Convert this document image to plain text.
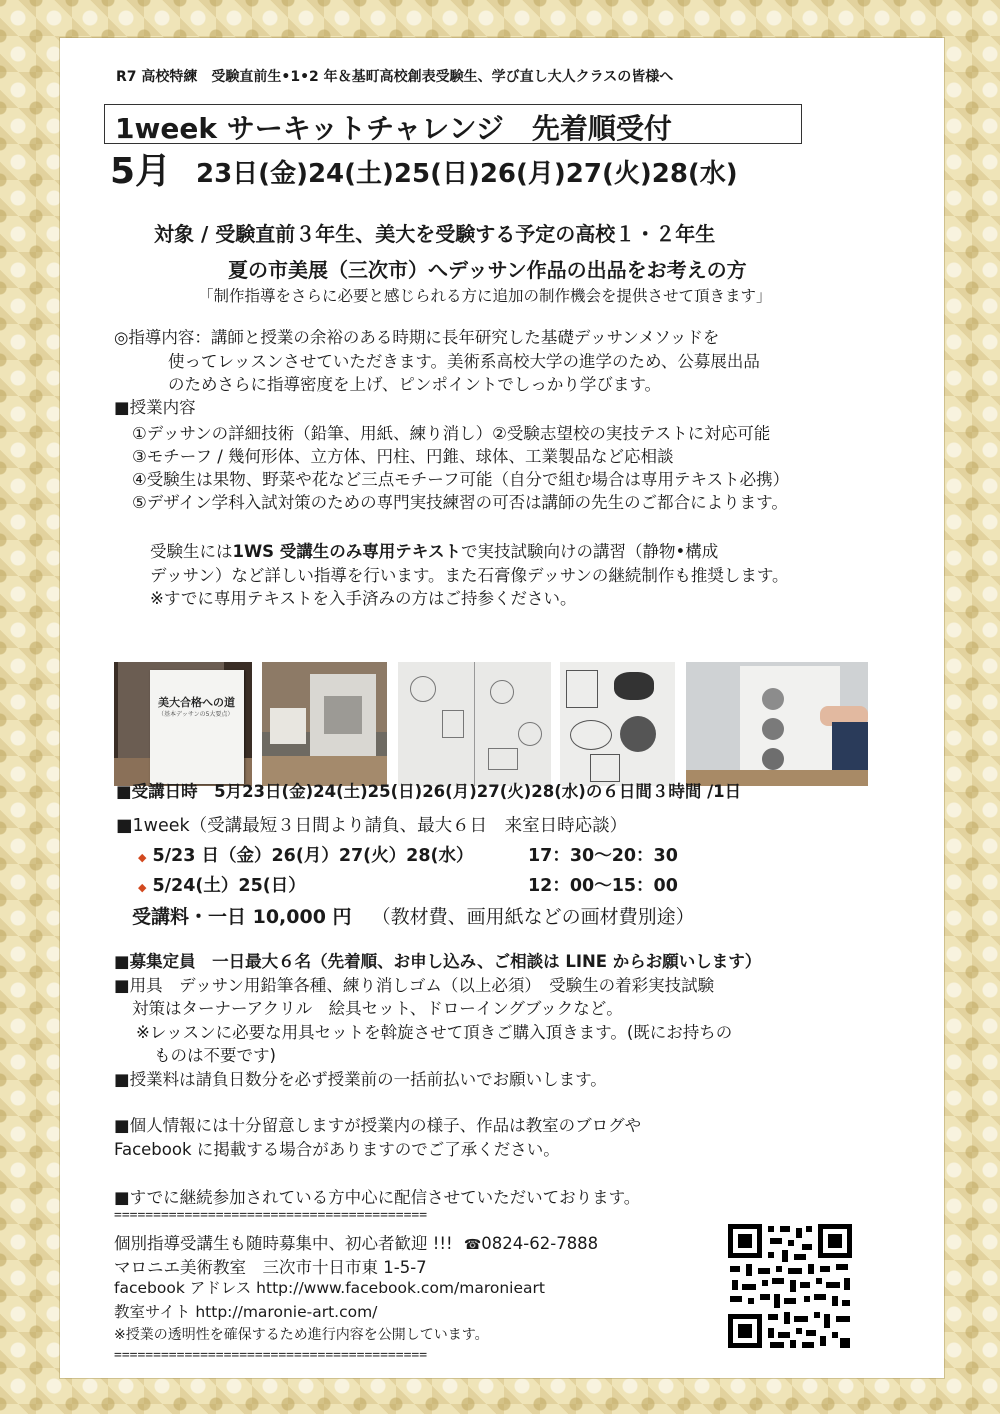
R7 高校特練　受験直前生•1•2 年＆基町高校創表受験生、学び直し大人クラスの皆様へ
1week サーキットチャレンジ　先着順受付
5月 23日(金)24(土)25(日)26(月)27(火)28(水)
対象 / 受験直前３年生、美大を受験する予定の高校１・２年生
夏の市美展（三次市）へデッサン作品の出品をお考えの方
「制作指導をさらに必要と感じられる方に追加の制作機会を提供させて頂きます」
◎指導内容：講師と授業の余裕のある時期に長年研究した基礎デッサンメソッドを
使ってレッスンさせていただきます。美術系高校大学の進学のため、公募展出品
のためさらに指導密度を上げ、ピンポイントでしっかり学びます。
■授業内容
①デッサンの詳細技術（鉛筆、用紙、練り消し）②受験志望校の実技テストに対応可能
③モチーフ / 幾何形体、立方体、円柱、円錐、球体、工業製品など応相談
④受験生は果物、野菜や花など三点モチーフ可能（自分で組む場合は専用テキスト必携）
⑤デザイン学科入試対策のための専門実技練習の可否は講師の先生のご都合によります。
受験生には1WS 受講生のみ専用テキストで実技試験向けの講習（静物•構成
デッサン）など詳しい指導を行います。また石膏像デッサンの継続制作も推奨します。
※すでに専用テキストを入手済みの方はご持参ください。
美大合格への道
（基本デッサンの5大要点）
■受講日時　5月23日(金)24(土)25(日)26(月)27(火)28(水)の６日間３時間 /1日
■1week（受講最短３日間より請負、最大６日　来室日時応談）
◆ 5/23 日（金）26(月）27(火）28(水）	17：30〜20：30
◆ 5/24(土）25(日）	12：00〜15：00
受講料・一日 10,000 円 （教材費、画用紙などの画材費別途）
■募集定員　一日最大６名（先着順、お申し込み、ご相談は LINE からお願いします）
■用具　デッサン用鉛筆各種、練り消しゴム（以上必須）　受験生の着彩実技試験
対策はターナーアクリル　絵具セット、ドローイングブックなど。
※レッスンに必要な用具セットを斡旋させて頂きご購入頂きます。(既にお持ちの
ものは不要です)
■授業料は請負日数分を必ず授業前の一括前払いでお願いします。
■個人情報には十分留意しますが授業内の様子、作品は教室のブログや
Facebook に掲載する場合がありますのでご了承ください。
■すでに継続参加されている方中心に配信させていただいております。
========================================
個別指導受講生も随時募集中、初心者歓迎 !!! ☎0824-62-7888
マロニエ美術教室　三次市十日市東 1-5-7
facebook アドレス http://www.facebook.com/maronieart
教室サイト http://maronie-art.com/
※授業の透明性を確保するため進行内容を公開しています。
========================================
